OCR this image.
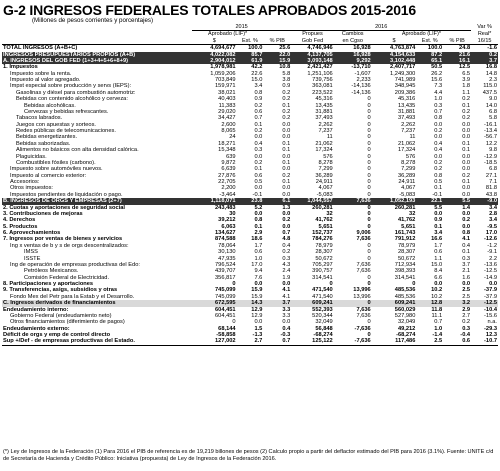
G-2 INGRESOS FEDERALES TOTALES APROBADOS 2015-2016
(Millones de pesos corrientes y porcentajes)
	2015			2016					Var %
	Aprobado (LIF)*			Propues	Cambios	Aprobado (LIF)*			Real*
	$	Est. %	% PIB	Gob Fed	en Cgso	$	Est. %	% PIB	16/15
TOTAL INGRESOS (A+B+C)	4,694,677	100.0	25.6	4,746,946	16,928	4,763,874	100.0	24.8	-1.6
INGRESOS PRESUPUESTARIOS PROPIOS (A+B)	4,022,082	85.7	22.0	4,137,705	16,928	4,154,633	87.2	21.6	0.2
A. INGRESOS DEL GOB FED (1+3+4+5+6+8+9)	2,904,012	61.9	15.9	3,093,148	9,292	3,102,448	65.1	16.1	3.7
1. Impuestos	1,978,981	42.2	10.8	2,421,427	-13,710	2,407,717	50.5	12.5	16.8
Impuesto sobre la renta.	1,059,206	22.6	5.8	1,251,106	-1,607	1,249,300	26.2	6.5	14.8
Impuesto al valor agregado.	703,849	15.0	3.8	739,756	2,233	741,989	15.6	3.9	2.3
Impst especial sobre producción y servs (IEPS):	159,971	3.4	0.9	363,081	-14,136	348,945	7.3	1.8	115.0
Gasolinas y diésel para combustión automotriz:	38,021	0.8	0.2	223,522	-14,136	209,386	4.4	1.1	437.5
Bebidas con contenido alcohólico y cerveza:	40,403	0.9	0.2	45,316	0	45,316	1.0	0.2	9.0
Bebidas alcohólicas.	11,383	0.2	0.1	13,435	0	13,435	0.3	0.1	14.0
Cervezas y bebidas refrescantes.	29,020	0.6	0.2	31,881	0	31,881	0.7	0.2	6.8
Tabacos labrados.	34,427	0.7	0.2	37,493	0	37,493	0.8	0.2	5.8
Juegos con apuestas y sorteos.	2,600	0.1	0.0	2,262	0	2,262	0.0	0.0	-16.1
Redes públicas de telecomunicaciones.	8,065	0.2	0.0	7,237	0	7,237	0.2	0.0	-13.4
Bebidas energetizantes.	24	0.0	0.0	11	0	11	0.0	0.0	-56.7
Bebidas saborizadas.	18,271	0.4	0.1	21,062	0	21,062	0.4	0.1	12.2
Alimentos no básicos con alta densidad calórica.	15,348	0.3	0.1	17,324	0	17,324	0.4	0.1	9.8
Plaguicidas.	639	0.0	0.0	576	0	576	0.0	0.0	-12.9
Combustibles fósiles (carbono).	9,872	0.2	0.1	8,278	0	8,278	0.2	0.0	-18.5
Impuesto sobre automóviles nuevos.	6,639	0.1	0.0	7,299	0	7,299	0.2	0.0	6.8
Impuesto al comercio exterior:	27,876	0.6	0.2	36,289	0	36,289	0.8	0.2	27.1
Accesorios:	22,705	0.5	0.1	24,911	0	24,911	0.5	0.1	7.1
Otros impuestos:	2,200	0.0	0.0	4,067	0	4,067	0.1	0.0	81.8
Impuestos pendientes de liquidación o pago.	-3,464	-0.1	0.0	-5,083	0	-5,083	-0.1	0.0	43.8
B. INGRESOS DE ORGS Y EMPRESAS (2+7)	1,118,071	23.8	6.1	1,044,557	7,636	1,052,193	22.1	5.5	-9.0
2. Cuotas y aportaciones de seguridad social	243,483	5.2	1.3	260,281	0	260,281	5.5	1.4	3.4
3. Contribuciones de mejoras	30	0.0	0.0	32	0	32	0.0	0.0	2.8
4. Derechos	39,212	0.8	0.2	41,762	0	41,762	0.9	0.2	3.4
5. Productos	6,063	0.1	0.0	5,651	0	5,651	0.1	0.0	-9.5
6. Aprovechamientos	134,627	2.9	0.7	152,737	9,006	161,743	3.4	0.8	17.0
7. Ingresos por ventas de bienes y servicios	874,588	18.6	4.8	784,276	7,636	791,912	16.6	4.1	-12.6
Ing x ventas de b y s de orgs descentralizados:	78,064	1.7	0.4	78,979	0	78,979	1.7	0.4	-1.2
IMSS	30,130	0.6	0.2	28,307	0	28,307	0.6	0.1	-9.1
ISSTE	47,935	1.0	0.3	50,672	0	50,672	1.1	0.3	2.2
Ing de operación de empresas productivas del Edo:	796,524	17.0	4.3	705,297	7,636	712,934	15.0	3.7	-13.6
Petróleos Mexicanos.	439,707	9.4	2.4	390,757	7,636	398,393	8.4	2.1	-12.5
Comisión Federal de Electricidad.	356,817	7.6	1.9	314,541	0	314,541	6.6	1.6	-14.9
8. Participaciones y aportaciones	0	0.0	0.0	0	0	0	0.0	0.0	0.0
9. Transferencias, asigs, subsidios y otras	745,099	15.9	4.1	471,540	13,996	485,536	10.2	2.5	-37.9
Fondo Mex del Petr para la Estab y el Desarrollo.	745,099	15.9	4.1	471,540	13,996	485,536	10.2	2.5	-37.9
C. Ingresos derivados de financiamientos	672,595	14.3	3.7	609,241	0	609,241	12.8	3.2	-12.5
Endeudamiento interno:	604,451	12.9	3.3	552,393	7,636	560,029	11.8	2.9	-10.4
Gobierno Federal (endeudamiento neto)	604,451	12.9	3.3	520,344	7,636	527,980	11.1	2.7	-15.6
Otros financiamientos (diferimiento de pagos)	0	0.0	0.0	32,049	0	32,049	0.7	0.2	n.a.
Endeudamiento externo:	68,144	1.5	0.4	56,848	-7,636	49,212	1.0	0.3	-29.3
Déficit de orgs y emp de control directo	-58,858	-1.3	-0.3	-68,274	0	-68,274	-1.4	-0.4	12.3
Sup +/Def - de empresas productivas del Estado.	127,002	2.7	0.7	125,122	-7,636	117,486	2.5	0.6	-10.7
(*) Ley de Ingresos de la Federación (1) Para 2016 el PIB de referencia es de 19,219 billones de pesos (2) Calculo propio a partir del deflactor estimado del PIB para 2016 (3.1%). Fuente: UNITE c/d de Secretaría de Hacienda y Crédito Público: Iniciativa (propuesta) de Ley de Ingresos de la Federación 2016.
